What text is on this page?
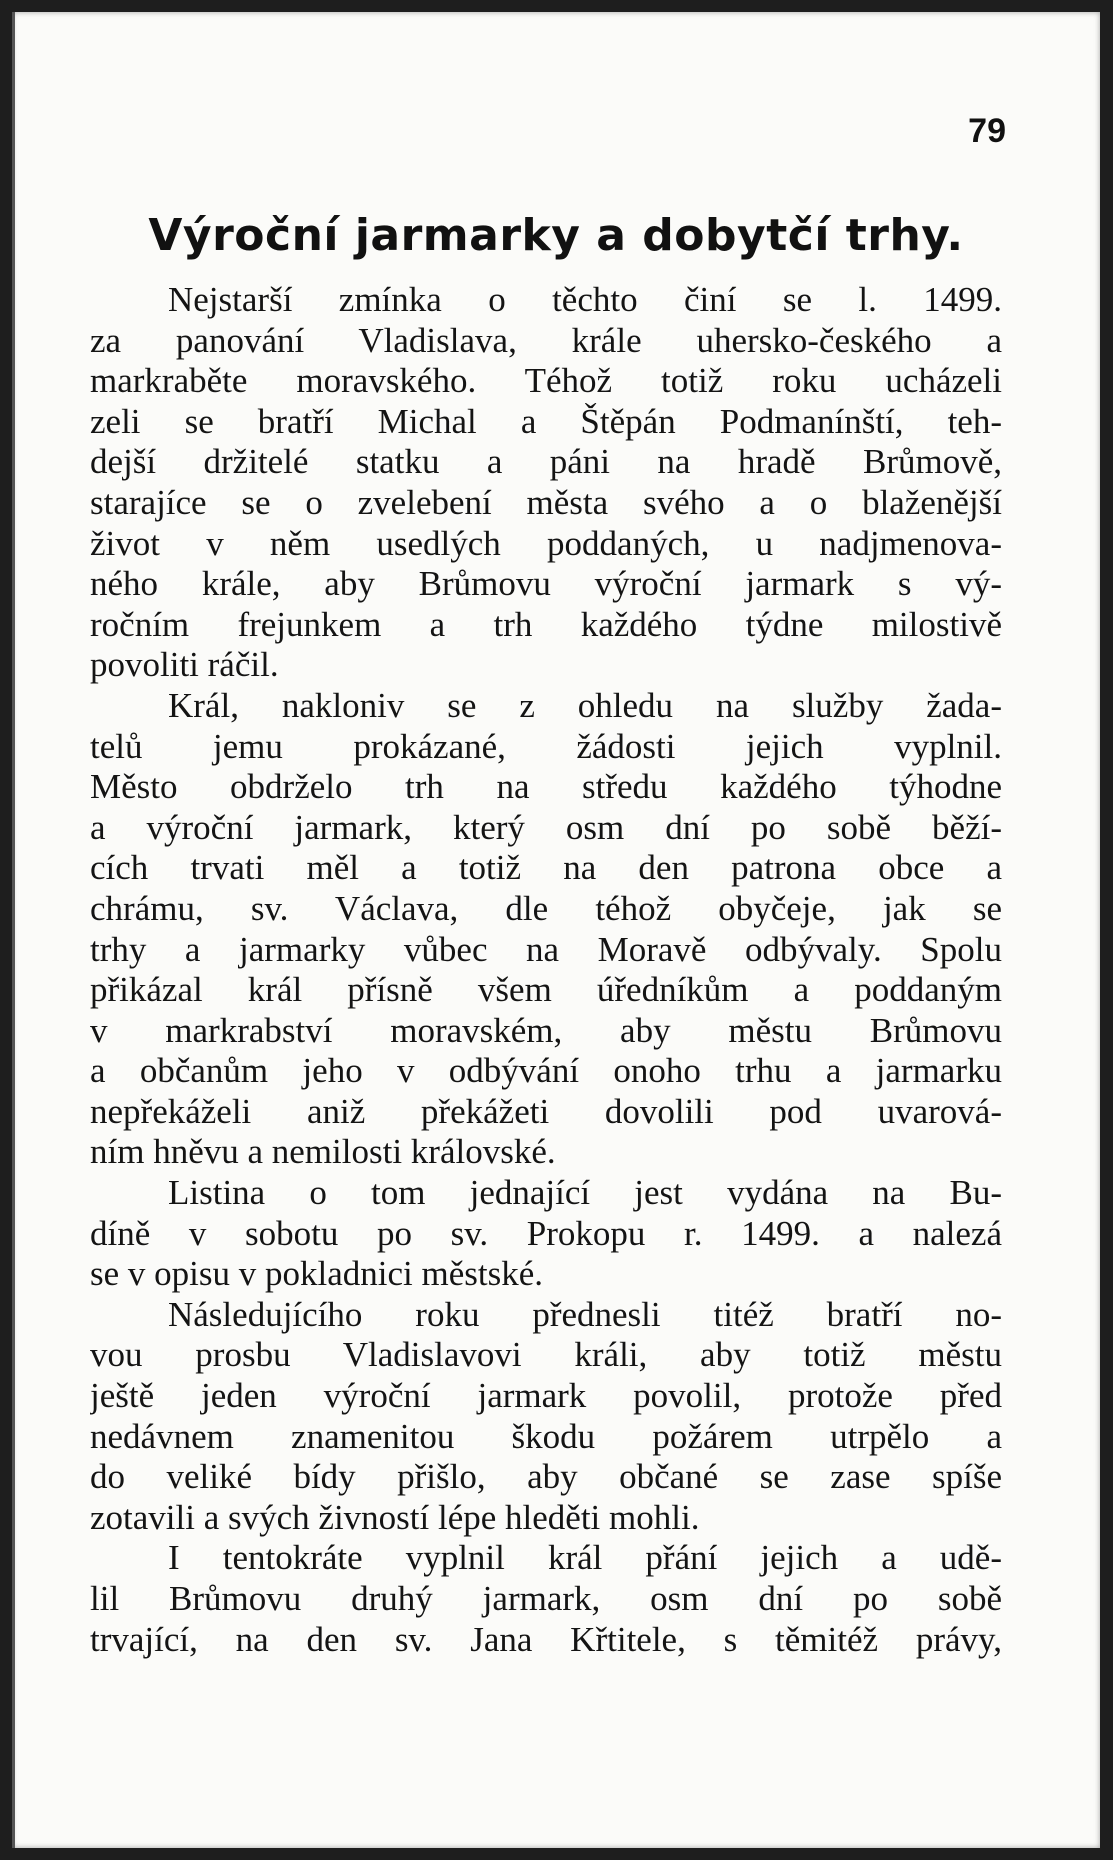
79
Výroční jarmarky a dobytčí trhy.
Nejstarší zmínka o těchto činí se l. 1499.
za panování Vladislava, krále uhersko-českého a
markraběte moravského. Téhož totiž roku ucházeli
zeli se bratří Michal a Štěpán Podmanínští, teh-
dejší držitelé statku a páni na hradě Brůmově,
starajíce se o zvelebení města svého a o blaženější
život v něm usedlých poddaných, u nadjmenova-
ného krále, aby Brůmovu výroční jarmark s vý-
ročním frejunkem a trh každého týdne milostivě
povoliti ráčil.
Král, nakloniv se z ohledu na služby žada-
telů jemu prokázané, žádosti jejich vyplnil.
Město obdrželo trh na středu každého týhodne
a výroční jarmark, který osm dní po sobě běží-
cích trvati měl a totiž na den patrona obce a
chrámu, sv. Václava, dle téhož obyčeje, jak se
trhy a jarmarky vůbec na Moravě odbývaly. Spolu
přikázal král přísně všem úředníkům a poddaným
v markrabství moravském, aby městu Brůmovu
a občanům jeho v odbývání onoho trhu a jarmarku
nepřekáželi aniž překážeti dovolili pod uvarová-
ním hněvu a nemilosti královské.
Listina o tom jednající jest vydána na Bu-
díně v sobotu po sv. Prokopu r. 1499. a nalezá
se v opisu v pokladnici městské.
Následujícího roku přednesli titéž bratří no-
vou prosbu Vladislavovi králi, aby totiž městu
ještě jeden výroční jarmark povolil, protože před
nedávnem znamenitou škodu požárem utrpělo a
do veliké bídy přišlo, aby občané se zase spíše
zotavili a svých živností lépe hleděti mohli.
I tentokráte vyplnil král přání jejich a udě-
lil Brůmovu druhý jarmark, osm dní po sobě
trvající, na den sv. Jana Křtitele, s těmitéž právy,
